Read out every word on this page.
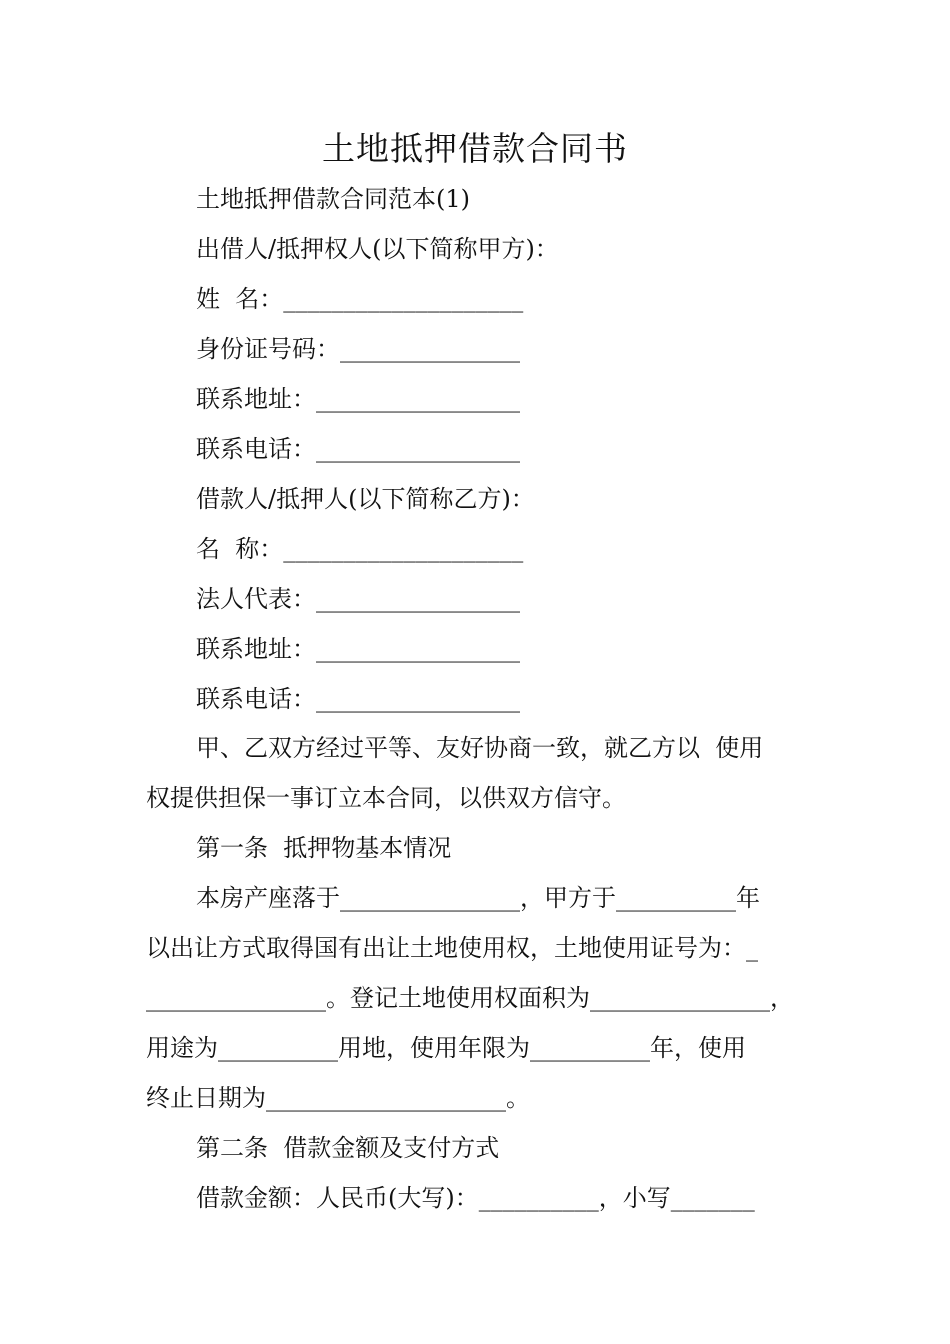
土地抵押借款合同书

土地抵押借款合同范本(1)

出借人/抵押权人(以下简称甲方)：

姓  名：____________________

身份证号码：_______________

联系地址：_________________

联系电话：_________________

借款人/抵押人(以下简称乙方)：

名  称：____________________

法人代表：_________________

联系地址：_________________

联系电话：_________________

甲、乙双方经过平等、友好协商一致，就乙方以  使用

权提供担保一事订立本合同，以供双方信守。

第一条  抵押物基本情况

本房产座落于_______________，甲方于__________年

以出让方式取得国有出让土地使用权，土地使用证号为：_

_______________。登记土地使用权面积为_______________，

用途为__________用地，使用年限为__________年，使用

终止日期为____________________。

第二条  借款金额及支付方式

借款金额：人民币(大写)：__________，小写_______
